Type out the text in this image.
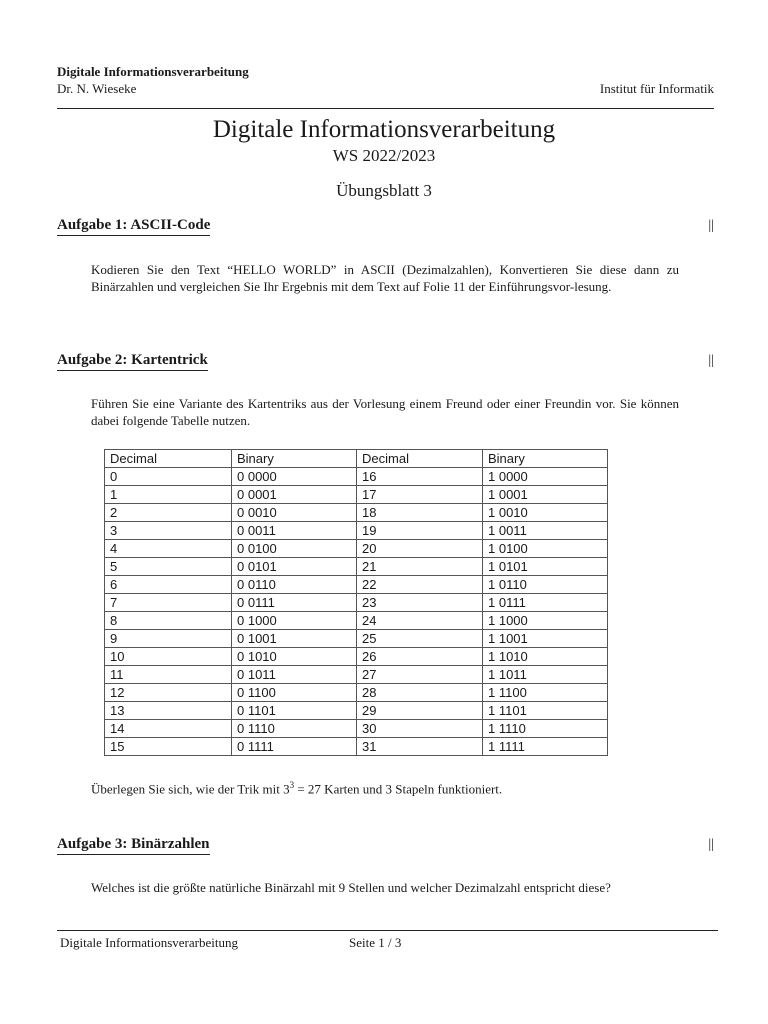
Digitale Informationsverarbeitung
Dr. N. Wieseke	Institut für Informatik
Digitale Informationsverarbeitung
WS 2022/2023
Übungsblatt 3
Aufgabe 1: ASCII-Code	||
Kodieren Sie den Text “HELLO WORLD” in ASCII (Dezimalzahlen), Konvertieren Sie diese dann zu Binärzahlen und vergleichen Sie Ihr Ergebnis mit dem Text auf Folie 11 der Einführungsvor-lesung.
Aufgabe 2: Kartentrick	||
Führen Sie eine Variante des Kartentriks aus der Vorlesung einem Freund oder einer Freundin vor. Sie können dabei folgende Tabelle nutzen.
Decimal	Binary	Decimal	Binary
0	0 0000	16	1 0000
1	0 0001	17	1 0001
2	0 0010	18	1 0010
3	0 0011	19	1 0011
4	0 0100	20	1 0100
5	0 0101	21	1 0101
6	0 0110	22	1 0110
7	0 0111	23	1 0111
8	0 1000	24	1 1000
9	0 1001	25	1 1001
10	0 1010	26	1 1010
11	0 1011	27	1 1011
12	0 1100	28	1 1100
13	0 1101	29	1 1101
14	0 1110	30	1 1110
15	0 1111	31	1 1111
Überlegen Sie sich, wie der Trik mit $3^3 = 27$ Karten und 3 Stapeln funktioniert.
Aufgabe 3: Binärzahlen	||
Welches ist die größte natürliche Binärzahl mit 9 Stellen und welcher Dezimalzahl entspricht diese?
Digitale Informationsverarbeitung	Seite 1 / 3
